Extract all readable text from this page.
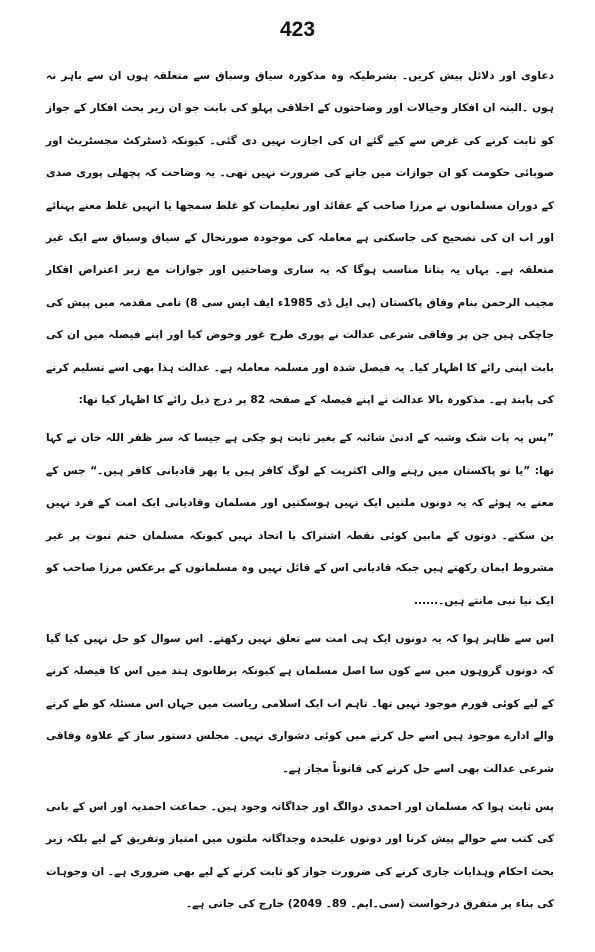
423

دعاوی اور دلائل پیش کریں۔ بشرطیکہ وہ مذکورہ سیاق وسباق سے متعلقہ ہوں ان سے باہر نہ ہوں ۔البتہ ان افکار وخیالات اور وضاحتوں کے اخلاقی پہلو کی بابت جو ان زیر بحث افکار کے جواز کو ثابت کرنے کی غرض سے کیے گئے ان کی اجازت نہیں دی گئی۔ کیونکہ ڈسٹرکٹ مجسٹریٹ اور صوبائی حکومت کو ان جوازات میں جانے کی ضرورت نہیں تھی۔ یہ وضاحت کہ پچھلی پوری صدی کے دوران مسلمانوں نے مرزا صاحب کے عقائد اور تعلیمات کو غلط سمجھا یا انہیں غلط معنے پہنائے اور اب ان کی تصحیح کی جاسکتی ہے معاملہ کی موجودہ صورتحال کے سیاق وسباق سے ایک غیر متعلقہ ہے۔ یہاں یہ بتانا مناسب ہوگا کہ یہ ساری وضاحتیں اور جوازات مع زیر اعتراض افکار مجیب الرحمن بنام وفاق پاکستان (پی ایل ڈی 1985ء ایف ایس سی 8) نامی مقدمہ میں پیش کی جاچکی ہیں جن پر وفاقی شرعی عدالت نے پوری طرح غور وخوض کیا اور اپنے فیصلہ میں ان کی بابت اپنی رائے کا اظہار کیا۔ یہ فیصل شدہ اور مسلمہ معاملہ ہے۔ عدالت ہذا بھی اسے تسلیم کرنے کی پابند ہے۔ مذکورہ بالا عدالت نے اپنے فیصلہ کے صفحہ 82 پر درج ذیل رائے کا اظہار کیا تھا:

”پس یہ بات شک وشبہ کے ادنیٰ شائبہ کے بغیر ثابت ہو چکی ہے جیسا کہ سر ظفر اللہ خان نے کہا تھا: ”یا تو پاکستان میں رہنے والی اکثریت کے لوگ کافر ہیں یا پھر قادیانی کافر ہیں۔“ جس کے معنے یہ ہوئے کہ یہ دونوں ملتیں ایک نہیں ہوسکتیں اور مسلمان وقادیانی ایک امت کے فرد نہیں بن سکتے۔ دونوں کے مابین کوئی نقطہ اشتراک یا اتحاد نہیں کیونکہ مسلمان ختم نبوت پر غیر مشروط ایمان رکھتے ہیں جبکہ قادیانی اس کے قائل نہیں وہ مسلمانوں کے برعکس مرزا صاحب کو ایک نیا نبی مانتے ہیں۔......

اس سے ظاہر ہوا کہ یہ دونوں ایک ہی امت سے تعلق نہیں رکھتے۔ اس سوال کو حل نہیں کیا گیا کہ دونوں گروہوں میں سے کون سا اصل مسلمان ہے کیونکہ برطانوی ہند میں اس کا فیصلہ کرنے کے لیے کوئی فورم موجود نہیں تھا۔ تاہم اب ایک اسلامی ریاست میں جہاں اس مسئلہ کو طے کرنے والے ادارے موجود ہیں اسے حل کرنے میں کوئی دشواری نہیں۔ مجلس دستور ساز کے علاوہ وفاقی شرعی عدالت بھی اسے حل کرنے کی قانوناً مجاز ہے۔

پس ثابت ہوا کہ مسلمان اور احمدی دوالگ اور جداگانہ وجود ہیں۔ جماعت احمدیہ اور اس کے بانی کی کتب سے حوالے پیش کرنا اور دونوں علیحدہ وجداگانہ ملتوں میں امتیاز وتفریق کے لیے بلکہ زیر بحث احکام وہدایات جاری کرنے کی ضرورت جواز کو ثابت کرنے کے لیے بھی ضروری ہے۔ ان وجوہات کی بناء پر متفرق درخواست (سی۔ایم۔ 89۔ 2049) خارج کی جاتی ہے۔
